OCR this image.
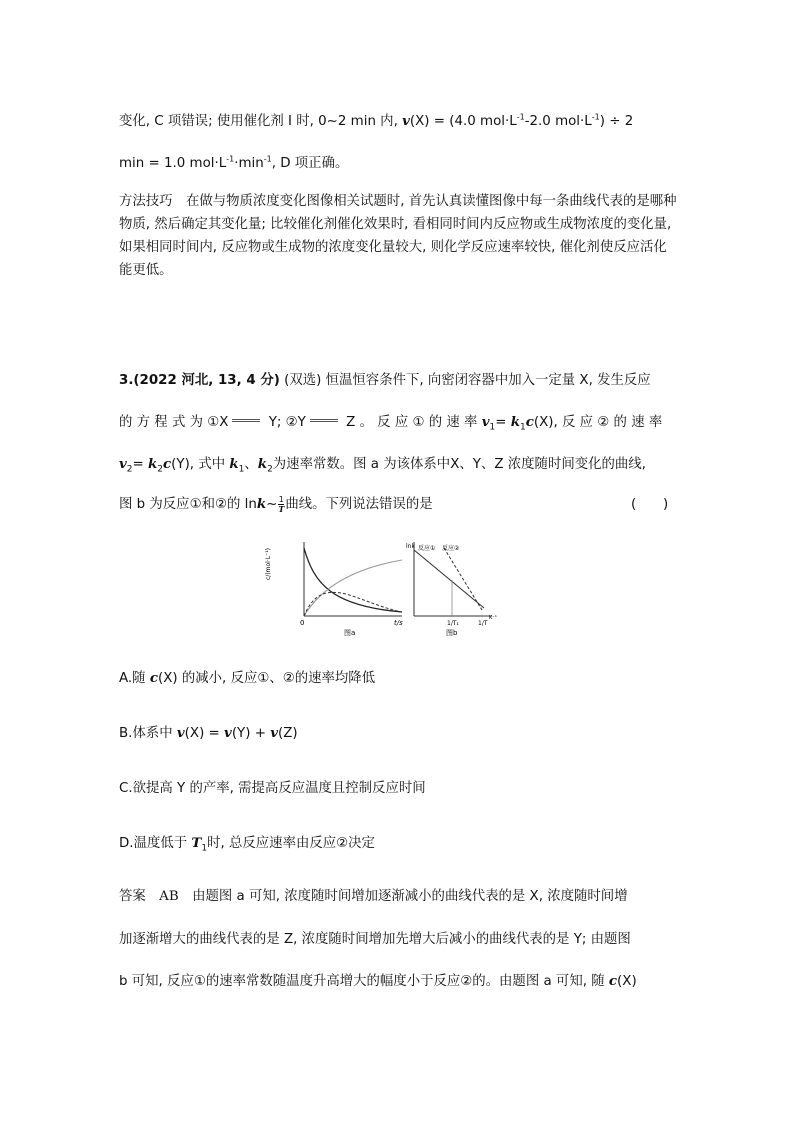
变化, C 项错误; 使用催化剂 Ⅰ 时, 0~2 min 内, v(X) = (4.0 $mol\cdot L^{-1}-2.0$ $mol\cdot L^{-1}) \div 2$
min = 1.0 $mol\cdot L^{-1}\cdot\min^{-1}$, D 项正确。
方法技巧　在做与物质浓度变化图像相关试题时, 首先认真读懂图像中每一条曲线代表的是哪种物质, 然后确定其变化量; 比较催化剂催化效果时, 看相同时间内反应物或生成物浓度的变化量, 如果相同时间内, 反应物或生成物的浓度变化量较大, 则化学反应速率较快, 催化剂使反应活化能更低。
3.(2022 河北, 13, 4 分) (双选) 恒温恒容条件下, 向密闭容器中加入一定量 X, 发生反应
的 方 程 式 为 ①X	Y; ②Y	Z 。 反 应 ① 的 速 率 $v_1= k_1c(X)$, 反 应 ② 的 速 率
$v_2= k_2c(Y)$, 式中 $k_1$、$k_2$为速率常数。图 a 为该体系中X、Y、Z 浓度随时间变化的曲线,
图 b 为反应①和②的 lnk~ $\frac{1}{T}$ 曲线。下列说法错误的是	(　　)
c/(mol·L⁻¹)
0	t/s
图a
lnk 反应① 反应②
1/T₁	1/T
K⁻¹
图b
A.随 c(X) 的减小, 反应①、②的速率均降低
B.体系中 v(X) = v(Y) + v(Z)
C.欲提高 Y 的产率, 需提高反应温度且控制反应时间
D.温度低于 $T_1$时, 总反应速率由反应②决定
答案　AB　 由题图 a 可知, 浓度随时间增加逐渐减小的曲线代表的是 X, 浓度随时间增
加逐渐增大的曲线代表的是 Z, 浓度随时间增加先增大后减小的曲线代表的是 Y; 由题图
b 可知, 反应①的速率常数随温度升高增大的幅度小于反应②的。由题图 a 可知, 随 c(X)
